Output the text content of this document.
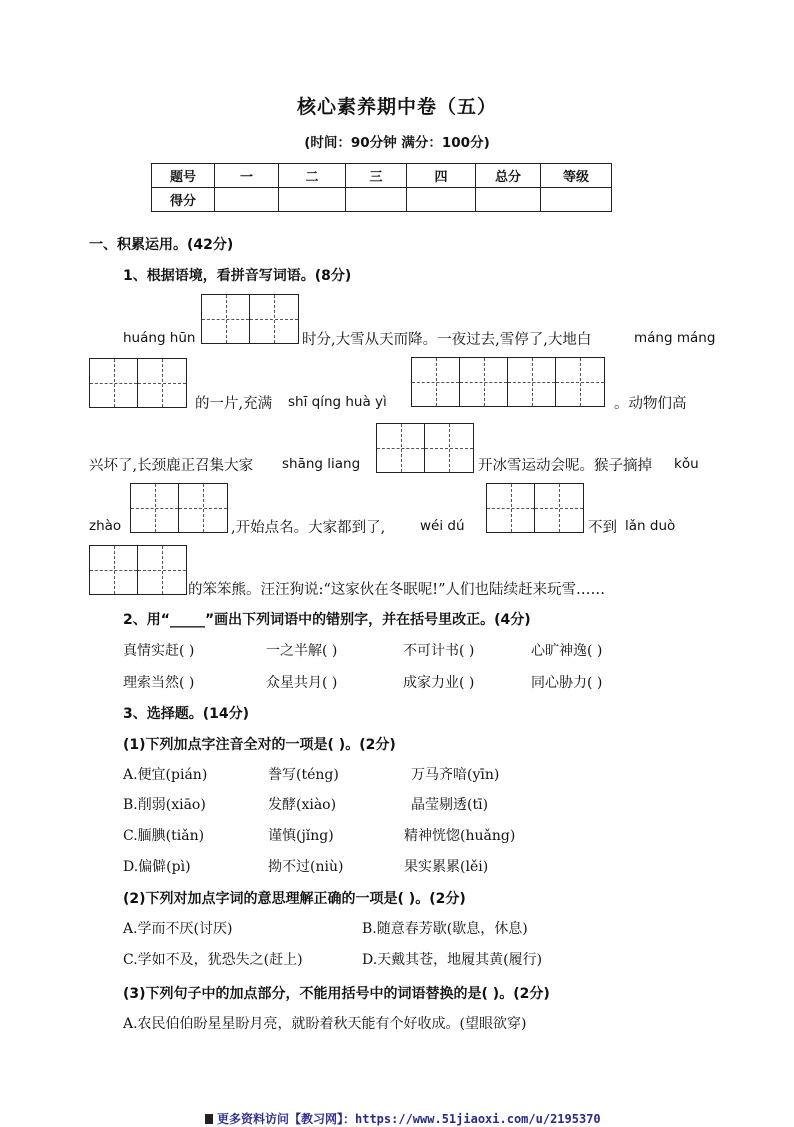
核心素养期中卷（五）
(时间：90分钟 满分：100分)
题号	一	二	三	四	总分	等级
得分						
一、积累运用。(42分)
1、根据语境，看拼音写词语。(8分)
huáng hūn	时分,大雪从天而降。一夜过去,雪停了,大地白	máng máng
的一片,充满 shī qíng huà yì	。动物们高
兴坏了,长颈鹿正召集大家 shāng liang	开冰雪运动会呢。猴子摘掉 kǒu
zhào	,开始点名。大家都到了,	wéi dú	不到 lǎn duò
的笨笨熊。汪汪狗说:“这家伙在冬眠呢!”人们也陆续赶来玩雪……
2、用“_____”画出下列词语中的错别字，并在括号里改正。(4分)
真情实赶( )	一之半解( )	不可计书( )	心旷神逸( )
理索当然( )	众星共月( )	成家力业( )	同心胁力( )
3、选择题。(14分)
(1)下列加点字注音全对的一项是( )。(2分)
A.便宜(pián)	誊写(téng)	万马齐喑(yīn)
B.削弱(xiāo)	发酵(xiào)	晶莹剔透(tī)
C.腼腆(tiǎn)	谨慎(jǐng)	精神恍惚(huǎng)
D.偏僻(pì)	拗不过(niù)	果实累累(lěi)
(2)下列对加点字词的意思理解正确的一项是( )。(2分)
A.学而不厌(讨厌)	B.随意春芳歇(歇息，休息)
C.学如不及，犹恐失之(赶上)	D.天戴其苍，地履其黄(履行)
(3)下列句子中的加点部分，不能用括号中的词语替换的是( )。(2分)
A.农民伯伯盼星星盼月亮，就盼着秋天能有个好收成。(望眼欲穿)
更多资料访问【教习网】：https://www.51jiaoxi.com/u/2195370
